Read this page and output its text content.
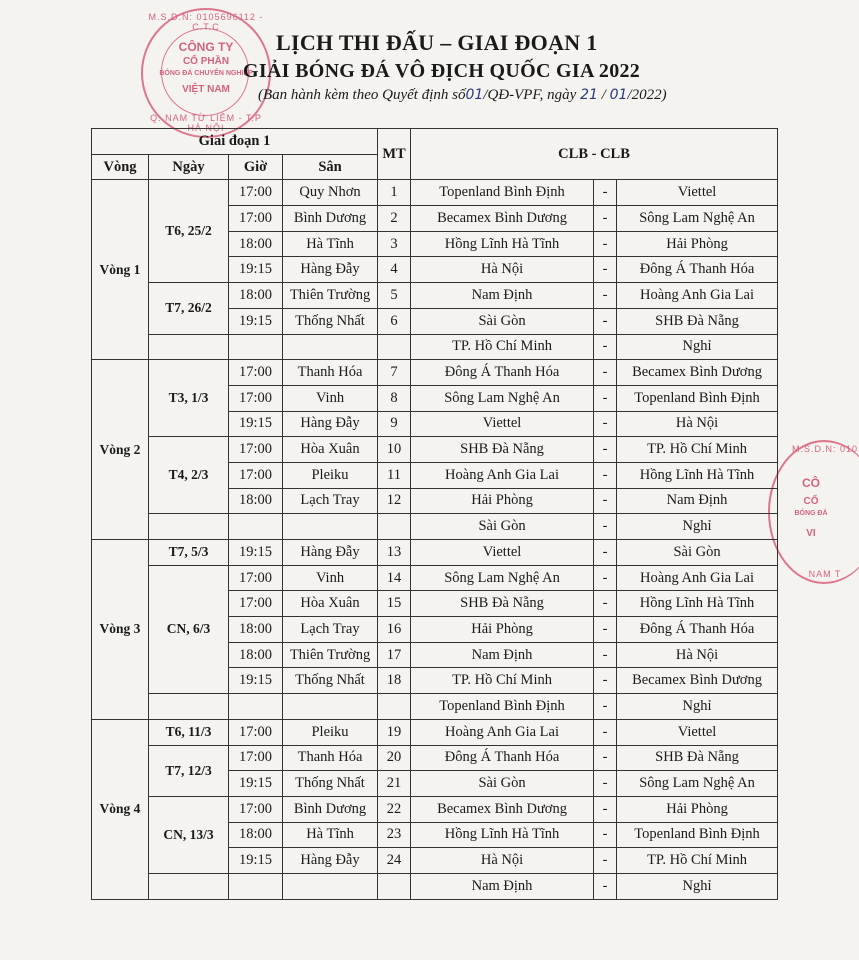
M.S.D.N: 0105696112 - C.T.C
CÔNG TY
CỔ PHẦN
BÓNG ĐÁ CHUYÊN NGHIỆP
VIỆT NAM
Q. NAM TỪ LIÊM - T.P HÀ NỘI
LỊCH THI ĐẤU – GIAI ĐOẠN 1
GIẢI BÓNG ĐÁ VÔ ĐỊCH QUỐC GIA 2022
(Ban hành kèm theo Quyết định số01/QĐ-VPF, ngày 21 / 01/2022)
M.S.D.N: 010
CÔ
CỔ
BÓNG ĐÁ
VI
NAM T
Giai đoạn 1				MT	CLB - CLB		
Vòng	Ngày	Giờ	Sân				
Vòng 1	T6, 25/2	17:00	Quy Nhơn	1	Topenland Bình Định	-	Viettel
		17:00	Bình Dương	2	Becamex Bình Dương	-	Sông Lam Nghệ An
		18:00	Hà Tĩnh	3	Hồng Lĩnh Hà Tĩnh	-	Hải Phòng
		19:15	Hàng Đẫy	4	Hà Nội	-	Đông Á Thanh Hóa
	T7, 26/2	18:00	Thiên Trường	5	Nam Định	-	Hoàng Anh Gia Lai
		19:15	Thống Nhất	6	Sài Gòn	-	SHB Đà Nẵng
					TP. Hồ Chí Minh	-	Nghỉ
Vòng 2	T3, 1/3	17:00	Thanh Hóa	7	Đông Á Thanh Hóa	-	Becamex Bình Dương
		17:00	Vinh	8	Sông Lam Nghệ An	-	Topenland Bình Định
		19:15	Hàng Đẫy	9	Viettel	-	Hà Nội
	T4, 2/3	17:00	Hòa Xuân	10	SHB Đà Nẵng	-	TP. Hồ Chí Minh
		17:00	Pleiku	11	Hoàng Anh Gia Lai	-	Hồng Lĩnh Hà Tĩnh
		18:00	Lạch Tray	12	Hải Phòng	-	Nam Định
					Sài Gòn	-	Nghỉ
Vòng 3	T7, 5/3	19:15	Hàng Đẫy	13	Viettel	-	Sài Gòn
	CN, 6/3	17:00	Vinh	14	Sông Lam Nghệ An	-	Hoàng Anh Gia Lai
		17:00	Hòa Xuân	15	SHB Đà Nẵng	-	Hồng Lĩnh Hà Tĩnh
		18:00	Lạch Tray	16	Hải Phòng	-	Đông Á Thanh Hóa
		18:00	Thiên Trường	17	Nam Định	-	Hà Nội
		19:15	Thống Nhất	18	TP. Hồ Chí Minh	-	Becamex Bình Dương
					Topenland Bình Định	-	Nghỉ
Vòng 4	T6, 11/3	17:00	Pleiku	19	Hoàng Anh Gia Lai	-	Viettel
	T7, 12/3	17:00	Thanh Hóa	20	Đông Á Thanh Hóa	-	SHB Đà Nẵng
		19:15	Thống Nhất	21	Sài Gòn	-	Sông Lam Nghệ An
	CN, 13/3	17:00	Bình Dương	22	Becamex Bình Dương	-	Hải Phòng
		18:00	Hà Tĩnh	23	Hồng Lĩnh Hà Tĩnh	-	Topenland Bình Định
		19:15	Hàng Đẫy	24	Hà Nội	-	TP. Hồ Chí Minh
					Nam Định	-	Nghỉ
